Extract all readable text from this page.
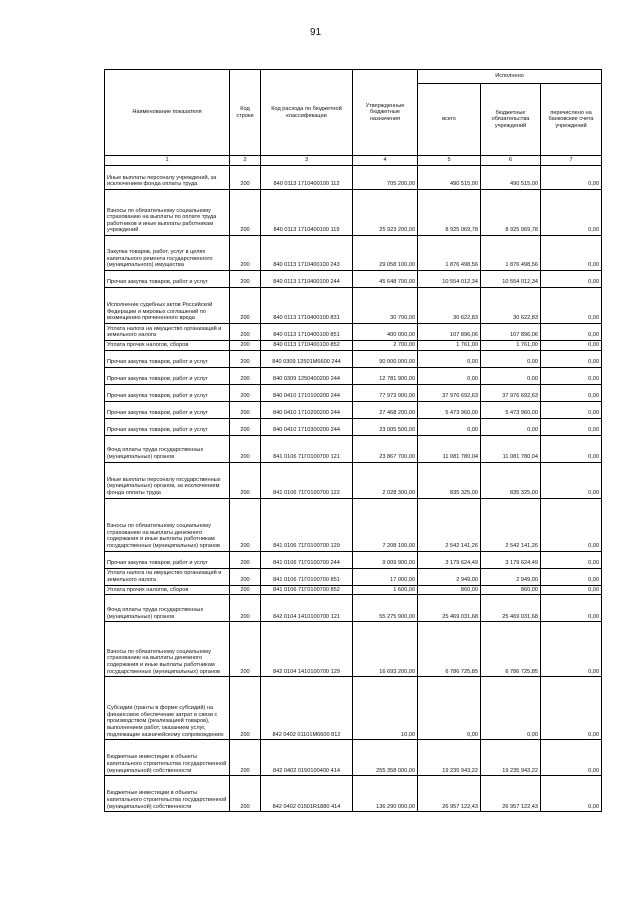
91
Наименование показателя	Код строки	Код расхода по бюджетной классификации	Утвержденные бюджетные назначения	Исполнено		
				всего	бюджетные обязательства учреждений	перечислено на банковские счета учреждений
1	2	3	4	5	6	7
Иные выплаты персоналу учреждений, за исключением фонда оплаты труда	200	840 0113 1710400100 112	705 200,00	490 515,00	490 515,00	0,00
Взносы по обязательному социальному страхованию на выплаты по оплате труда работников и иные выплаты работникам учреждений	200	840 0113 1710400100 119	25 923 200,00	8 925 069,78	8 925 069,78	0,00
Закупка товаров, работ, услуг в целях капитального ремонта государственного (муниципального) имущества	200	840 0113 1710400100 243	29 058 100,00	1 876 498,56	1 876 498,56	0,00
Прочая закупка товаров, работ и услуг	200	840 0113 1710400100 244	45 648 700,00	10 554 012,34	10 554 012,34	0,00
Исполнение судебных актов Российской Федерации и мировых соглашений по возмещению причиненного вреда	200	840 0113 1710400100 831	30 700,00	30 622,83	30 622,83	0,00
Уплата налога на имущество организаций и земельного налога	200	840 0113 1710400100 851	400 000,00	107 896,06	107 896,06	0,00
Уплата прочих налогов, сборов	200	840 0113 1710400100 852	2 700,00	1 761,00	1 761,00	0,00
Прочая закупка товаров, работ и услуг	200	840 0309 12501M6600 244	90 000 000,00	0,00	0,00	0,00
Прочая закупка товаров, работ и услуг	200	840 0309 1250400200 244	12 781 900,00	0,00	0,00	0,00
Прочая закупка товаров, работ и услуг	200	840 0410 1710100200 244	77 973 900,00	37 976 692,63	37 976 692,63	0,00
Прочая закупка товаров, работ и услуг	200	840 0410 1710200200 244	27 468 200,00	5 473 960,00	5 473 960,00	0,00
Прочая закупка товаров, работ и услуг	200	840 0410 1710300200 244	23 005 500,00	0,00	0,00	0,00
Фонд оплаты труда государственных (муниципальных) органов	200	841 0106 71Г0100700 121	23 867 700,00	11 081 780,04	11 081 780,04	0,00
Иные выплаты персоналу государственных (муниципальных) органов, за исключением фонда оплаты труда	200	841 0106 71Г0100700 122	2 028 300,00	835 325,00	835 325,00	0,00
Взносы по обязательному социальному страхованию на выплаты денежного содержания и иные выплаты работникам государственных (муниципальных) органов	200	841 0106 71Г0100700 129	7 208 100,00	2 542 141,26	2 542 141,26	0,00
Прочая закупка товаров, работ и услуг	200	841 0106 71Г0100700 244	9 009 900,00	3 179 624,49	3 179 624,49	0,00
Уплата налога на имущество организаций и земельного налога	200	841 0106 71Г0100700 851	17 000,00	2 949,00	2 949,00	0,00
Уплата прочих налогов, сборов	200	841 0106 71Г0100700 852	1 600,00	860,00	860,00	0,00
Фонд оплаты труда государственных (муниципальных) органов	200	842 0104 1410100700 121	55 275 900,00	25 469 031,68	25 469 031,68	0,00
Взносы по обязательному социальному страхованию на выплаты денежного содержания и иные выплаты работникам государственных (муниципальных) органов	200	842 0104 1410100700 129	16 693 200,00	6 786 725,85	6 786 725,85	0,00
Субсидии (гранты в форме субсидий) на финансовое обеспечение затрат в связи с производством (реализацией товаров), выполнением работ, оказанием услуг, подлежащие казначейскому сопровождению	200	842 0402 01101M6600 812	10,00	0,00	0,00	0,00
Бюджетные инвестиции в объекты капитального строительства государственной (муниципальной) собственности	200	842 0402 0150100400 414	255 358 000,00	19 235 943,22	19 235 943,22	0,00
Бюджетные инвестиции в объекты капитального строительства государственной (муниципальной) собственности	200	842 0402 01501R1880 414	136 290 000,00	26 957 122,43	26 957 122,43	0,00
